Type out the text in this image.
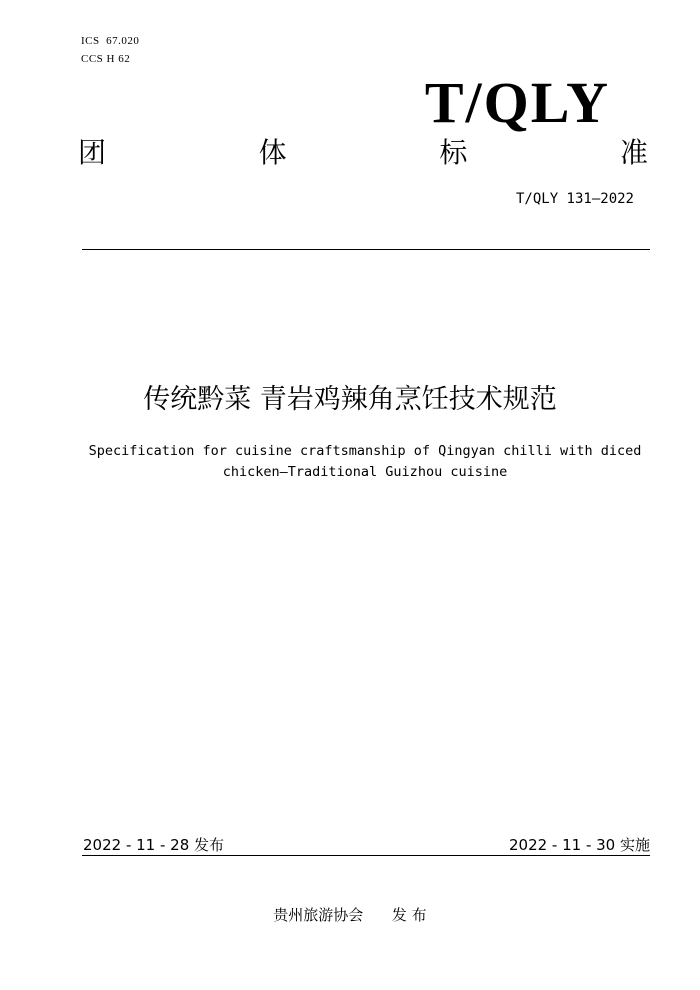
ICS  67.020
CCS H 62
T/QLY
团	体	标	准
T/QLY 131—2022
传统黔菜 青岩鸡辣角烹饪技术规范
Specification for cuisine craftsmanship of Qingyan chilli with diced
chicken—Traditional Guizhou cuisine
2022 - 11 - 28 发布	2022 - 11 - 30 实施
贵州旅游协会      发 布
